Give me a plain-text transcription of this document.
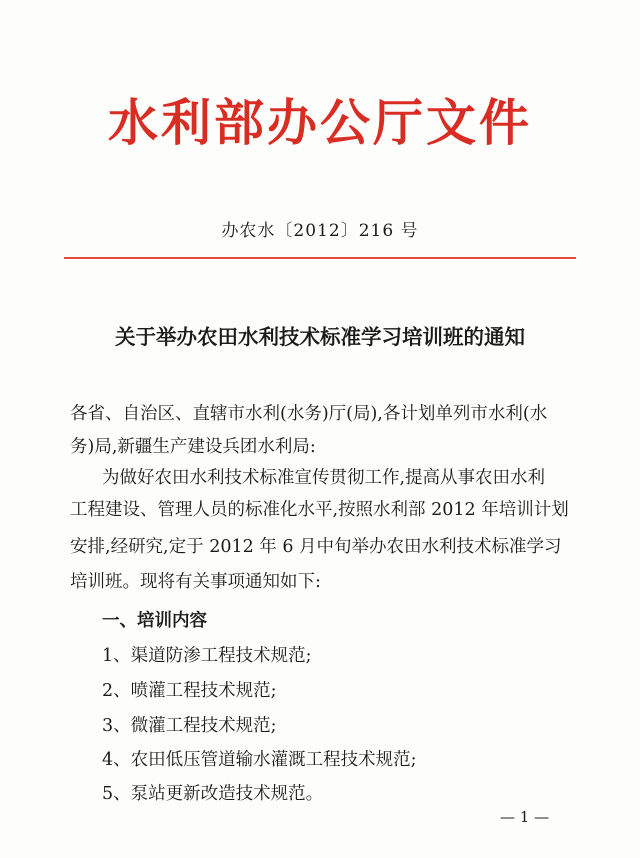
水利部办公厅文件
办农水〔2012〕216 号
关于举办农田水利技术标准学习培训班的通知
各省、自治区、直辖市水利(水务)厅(局),各计划单列市水利(水
务)局,新疆生产建设兵团水利局:
为做好农田水利技术标准宣传贯彻工作,提高从事农田水利
工程建设、管理人员的标准化水平,按照水利部 2012 年培训计划
安排,经研究,定于 2012 年 6 月中旬举办农田水利技术标准学习
培训班。现将有关事项通知如下:
一、培训内容
1、渠道防渗工程技术规范;
2、喷灌工程技术规范;
3、微灌工程技术规范;
4、农田低压管道输水灌溉工程技术规范;
5、泵站更新改造技术规范。
— 1 —
